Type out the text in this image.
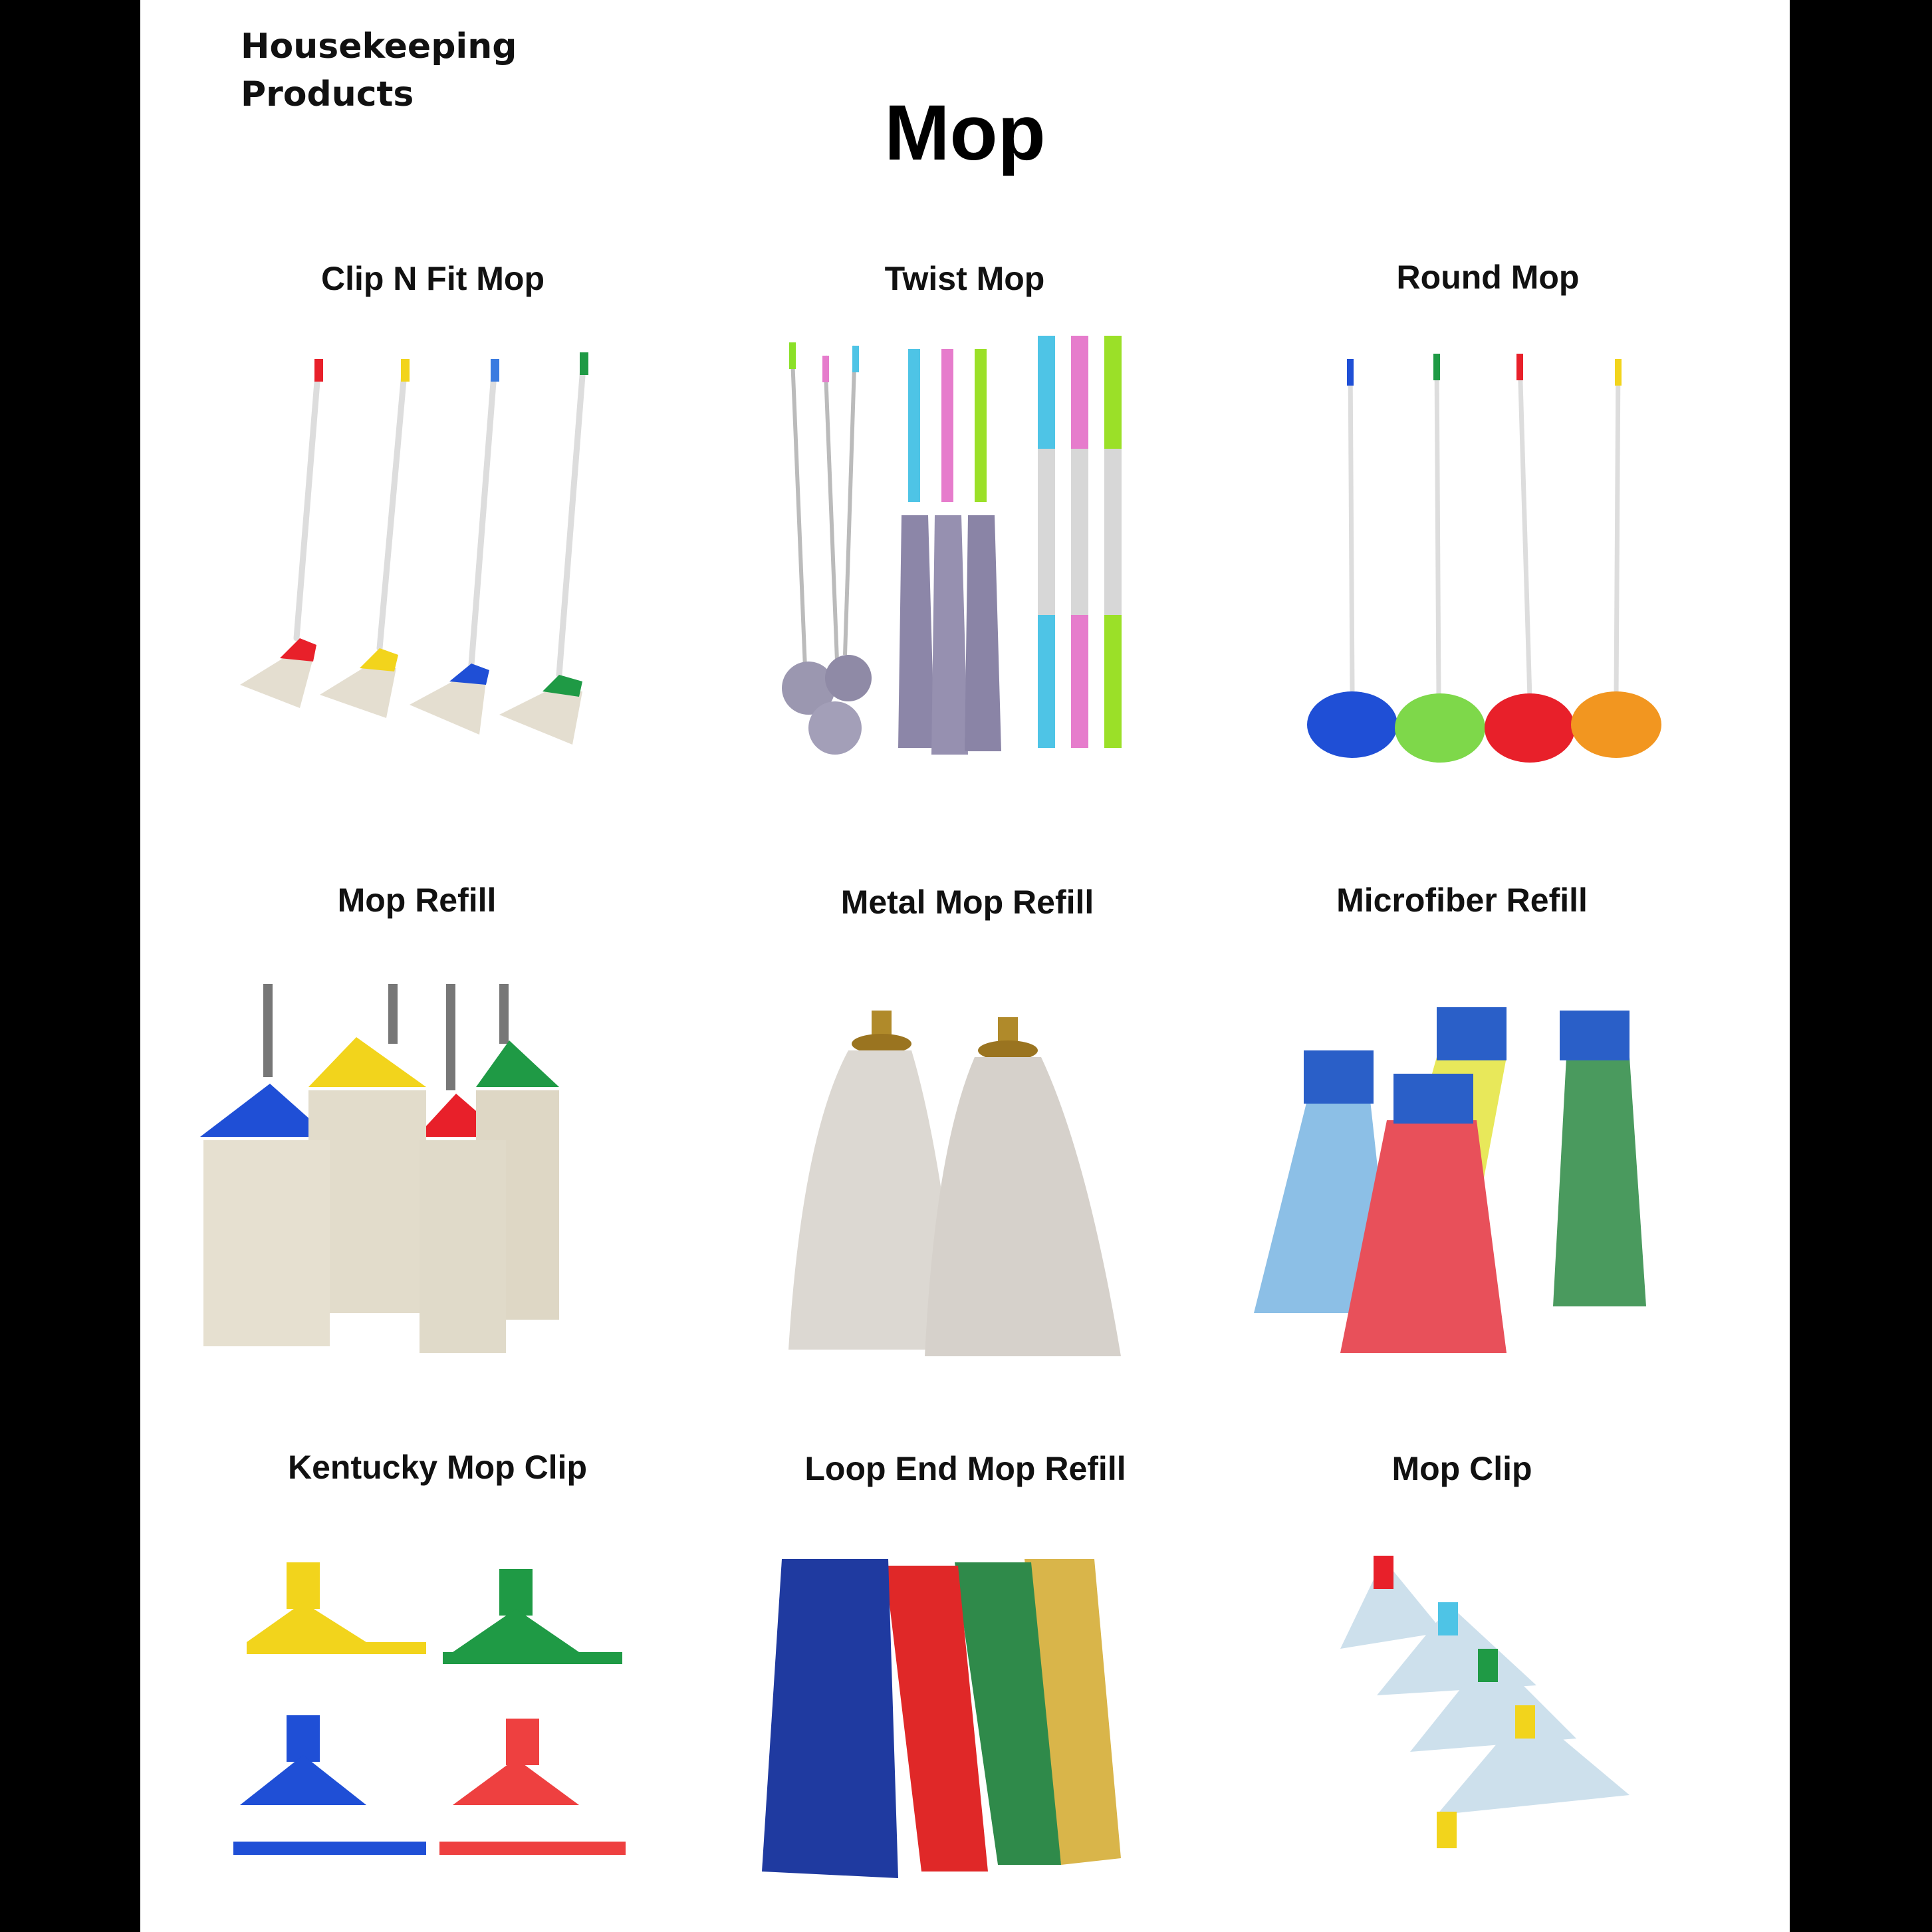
Housekeeping
Products	Mop
Clip N Fit Mop	Twist Mop	Round Mop
Mop Refill	Metal Mop Refill	Microfiber Refill
Kentucky Mop Clip	Loop End Mop Refill	Mop Clip
